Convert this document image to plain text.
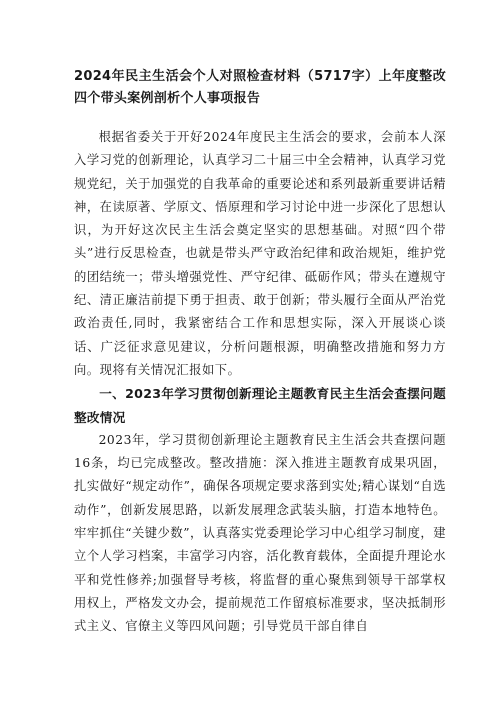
2024年民主生活会个人对照检查材料（5717字）上年度整改四个带头案例剖析个人事项报告

根据省委关于开好2024年度民主生活会的要求，会前本人深入学习党的创新理论，认真学习二十届三中全会精神，认真学习党规党纪，关于加强党的自我革命的重要论述和系列最新重要讲话精神，在读原著、学原文、悟原理和学习讨论中进一步深化了思想认识，为开好这次民主生活会奠定坚实的思想基础。对照“四个带头”进行反思检查，也就是带头严守政治纪律和政治规矩，维护党的团结统一；带头增强党性、严守纪律、砥砺作风；带头在遵规守纪、清正廉洁前提下勇于担责、敢于创新；带头履行全面从严治党政治责任,同时，我紧密结合工作和思想实际，深入开展谈心谈话、广泛征求意见建议，分析问题根源，明确整改措施和努力方向。现将有关情况汇报如下。

一、2023年学习贯彻创新理论主题教育民主生活会查摆问题整改情况

2023年，学习贯彻创新理论主题教育民主生活会共查摆问题16条，均已完成整改。整改措施：深入推进主题教育成果巩固，扎实做好“规定动作”，确保各项规定要求落到实处;精心谋划“自选动作”，创新发展思路，以新发展理念武装头脑，打造本地特色。牢牢抓住“关键少数”，认真落实党委理论学习中心组学习制度，建立个人学习档案，丰富学习内容，活化教育载体，全面提升理论水平和党性修养;加强督导考核，将监督的重心聚焦到领导干部掌权用权上，严格发文办会，提前规范工作留痕标准要求，坚决抵制形式主义、官僚主义等四风问题；引导党员干部自律自
